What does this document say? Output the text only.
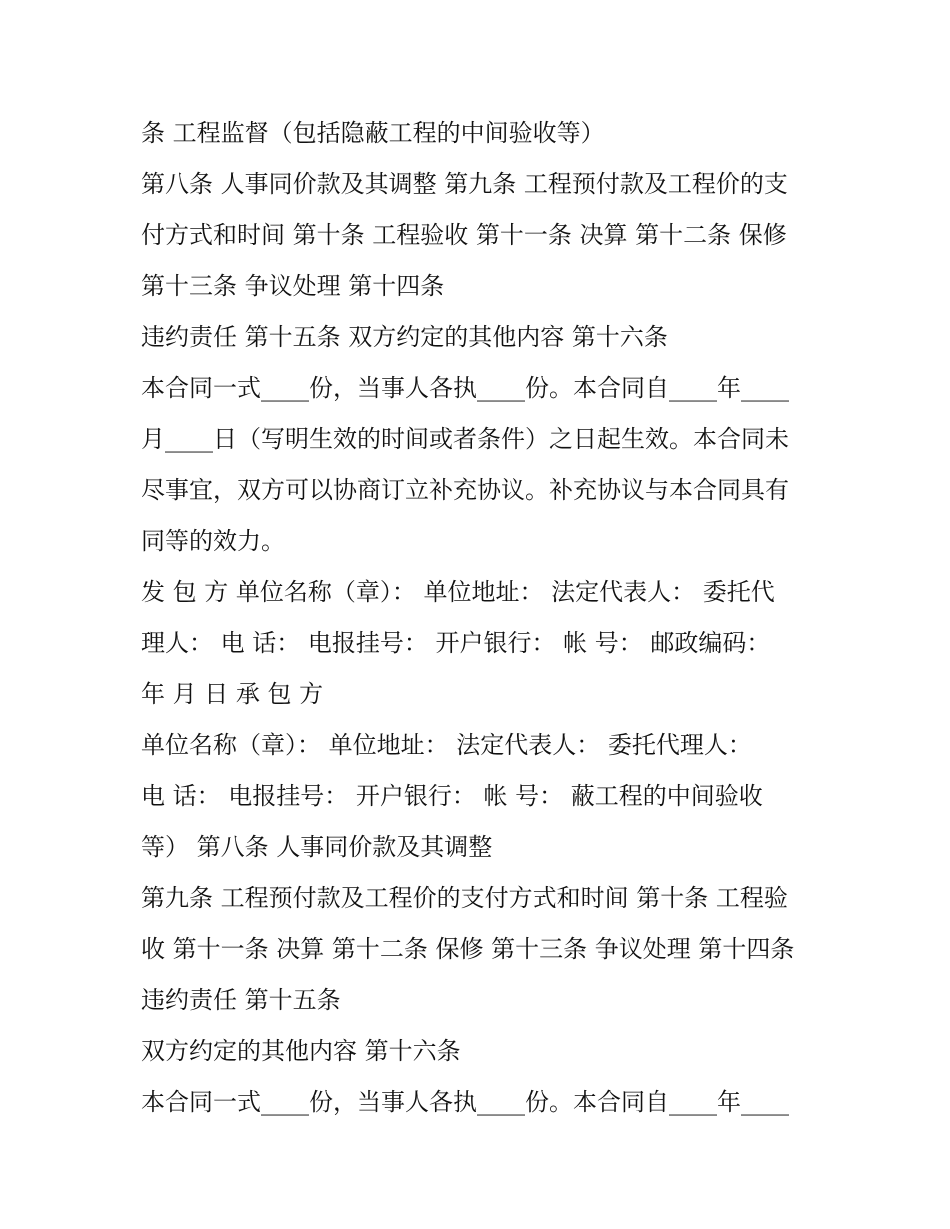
条 工程监督（包括隐蔽工程的中间验收等）
第八条 人事同价款及其调整 第九条 工程预付款及工程价的支
付方式和时间 第十条 工程验收 第十一条 决算 第十二条 保修
第十三条 争议处理 第十四条
违约责任 第十五条 双方约定的其他内容 第十六条
本合同一式____份，当事人各执____份。本合同自____年____
月____日（写明生效的时间或者条件）之日起生效。本合同未
尽事宜，双方可以协商订立补充协议。补充协议与本合同具有
同等的效力。
发 包 方 单位名称（章）： 单位地址： 法定代表人： 委托代
理人： 电 话： 电报挂号： 开户银行： 帐 号： 邮政编码：
年 月 日 承 包 方
单位名称（章）： 单位地址： 法定代表人： 委托代理人：
电 话： 电报挂号： 开户银行： 帐 号： 蔽工程的中间验收
等） 第八条 人事同价款及其调整
第九条 工程预付款及工程价的支付方式和时间 第十条 工程验
收 第十一条 决算 第十二条 保修 第十三条 争议处理 第十四条
违约责任 第十五条
双方约定的其他内容 第十六条
本合同一式____份，当事人各执____份。本合同自____年____
